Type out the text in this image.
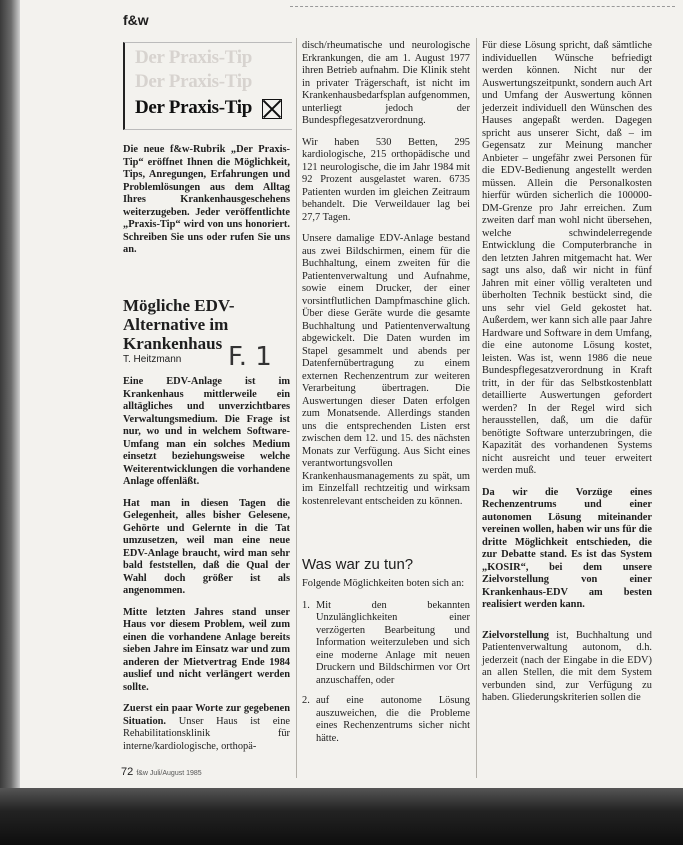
f&w
Der Praxis-Tip
Der Praxis-Tip
Der Praxis-Tip
Die neue f&w-Rubrik „Der Praxis-Tip“ eröffnet Ihnen die Möglichkeit, Tips, Anregungen, Erfahrungen und Problemlösungen aus dem Alltag Ihres Krankenhausgeschehens weiterzugeben. Jeder veröffentlichte „Praxis-Tip“ wird von uns honoriert. Schreiben Sie uns oder rufen Sie uns an.
Mögliche EDV-Alternative im Krankenhaus
T. Heitzmann F. 1

Eine EDV-Anlage ist im Krankenhaus mittlerweile ein alltägliches und unverzichtbares Verwaltungsmedium. Die Frage ist nur, wo und in welchem Software-Umfang man ein solches Medium einsetzt beziehungsweise welche Weiterentwicklungen die vorhandene Anlage offenläßt.

Hat man in diesen Tagen die Gelegenheit, alles bisher Gelesene, Gehörte und Gelernte in die Tat umzusetzen, weil man eine neue EDV-Anlage braucht, wird man sehr bald feststellen, daß die Qual der Wahl doch größer ist als angenommen.

Mitte letzten Jahres stand unser Haus vor diesem Problem, weil zum einen die vorhandene Anlage bereits sieben Jahre im Einsatz war und zum anderen der Mietvertrag Ende 1984 auslief und nicht verlängert werden sollte.

Zuerst ein paar Worte zur gegebenen Situation. Unser Haus ist eine Rehabilitationsklinik für interne/kardiologische, orthopä-

disch/rheumatische und neurologische Erkrankungen, die am 1. August 1977 ihren Betrieb aufnahm. Die Klinik steht in privater Trägerschaft, ist nicht im Krankenhausbedarfsplan aufgenommen, unterliegt jedoch der Bundespflegesatzverordnung.

Wir haben 530 Betten, 295 kardiologische, 215 orthopädische und 121 neurologische, die im Jahr 1984 mit 92 Prozent ausgelastet waren. 6735 Patienten wurden im gleichen Zeitraum behandelt. Die Verweildauer lag bei 27,7 Tagen.

Unsere damalige EDV-Anlage bestand aus zwei Bildschirmen, einem für die Buchhaltung, einem zweiten für die Patientenverwaltung und Aufnahme, sowie einem Drucker, der einer vorsintflutlichen Dampfmaschine glich. Über diese Geräte wurde die gesamte Buchhaltung und Patientenverwaltung abgewickelt. Die Daten wurden im Stapel gesammelt und abends per Datenfernübertragung zu einem externen Rechenzentrum zur weiteren Verarbeitung übertragen. Die Auswertungen dieser Daten erfolgen zum Monatsende. Allerdings standen uns die entsprechenden Listen erst zwischen dem 12. und 15. des nächsten Monats zur Verfügung. Aus Sicht eines verantwortungsvollen Krankenhausmanagements zu spät, um im Einzelfall rechtzeitig und wirksam kostenrelevant entscheiden zu können.

Was war zu tun?

Folgende Möglichkeiten boten sich an:

1. Mit den bekannten Unzulänglichkeiten einer verzögerten Bearbeitung und Information weiterzuleben und sich eine moderne Anlage mit neuen Druckern und Bildschirmen vor Ort anzuschaffen, oder
2. auf eine autonome Lösung auszuweichen, die die Probleme eines Rechenzentrums sicher nicht hätte.

Für diese Lösung spricht, daß sämtliche individuellen Wünsche befriedigt werden können. Nicht nur der Auswertungszeitpunkt, sondern auch Art und Umfang der Auswertung können jederzeit individuell den Wünschen des Hauses angepaßt werden. Dagegen spricht aus unserer Sicht, daß – im Gegensatz zur Meinung mancher Anbieter – ungefähr zwei Personen für die EDV-Bedienung angestellt werden müssen. Allein die Personalkosten hierfür würden sicherlich die 100000-DM-Grenze pro Jahr erreichen. Zum zweiten darf man wohl nicht übersehen, welche schwindelerregende Entwicklung die Computerbranche in den letzten Jahren mitgemacht hat. Wer sagt uns also, daß wir nicht in fünf Jahren mit einer völlig veralteten und überholten Technik bestückt sind, die uns sehr viel Geld gekostet hat. Außerdem, wer kann sich alle paar Jahre Hardware und Software in dem Umfang, die eine autonome Lösung kostet, leisten. Was ist, wenn 1986 die neue Bundespflegesatzverordnung in Kraft tritt, in der für das Selbstkostenblatt detaillierte Auswertungen gefordert werden? In der Regel wird sich herausstellen, daß, um die dafür benötigte Software unterzubringen, die Kapazität des vorhandenen Systems nicht ausreicht und teuer erweitert werden muß.

Da wir die Vorzüge eines Rechenzentrums und einer autonomen Lösung miteinander vereinen wollen, haben wir uns für die dritte Möglichkeit entschieden, die zur Debatte stand. Es ist das System „KOSIR“, bei dem unsere Zielvorstellung von einer Krankenhaus-EDV am besten realisiert werden kann.

Zielvorstellung ist, Buchhaltung und Patientenverwaltung autonom, d.h. jederzeit (nach der Eingabe in die EDV) an allen Stellen, die mit dem System verbunden sind, zur Verfügung zu haben. Gliederungskriterien sollen die

72 f&w Juli/August 1985
